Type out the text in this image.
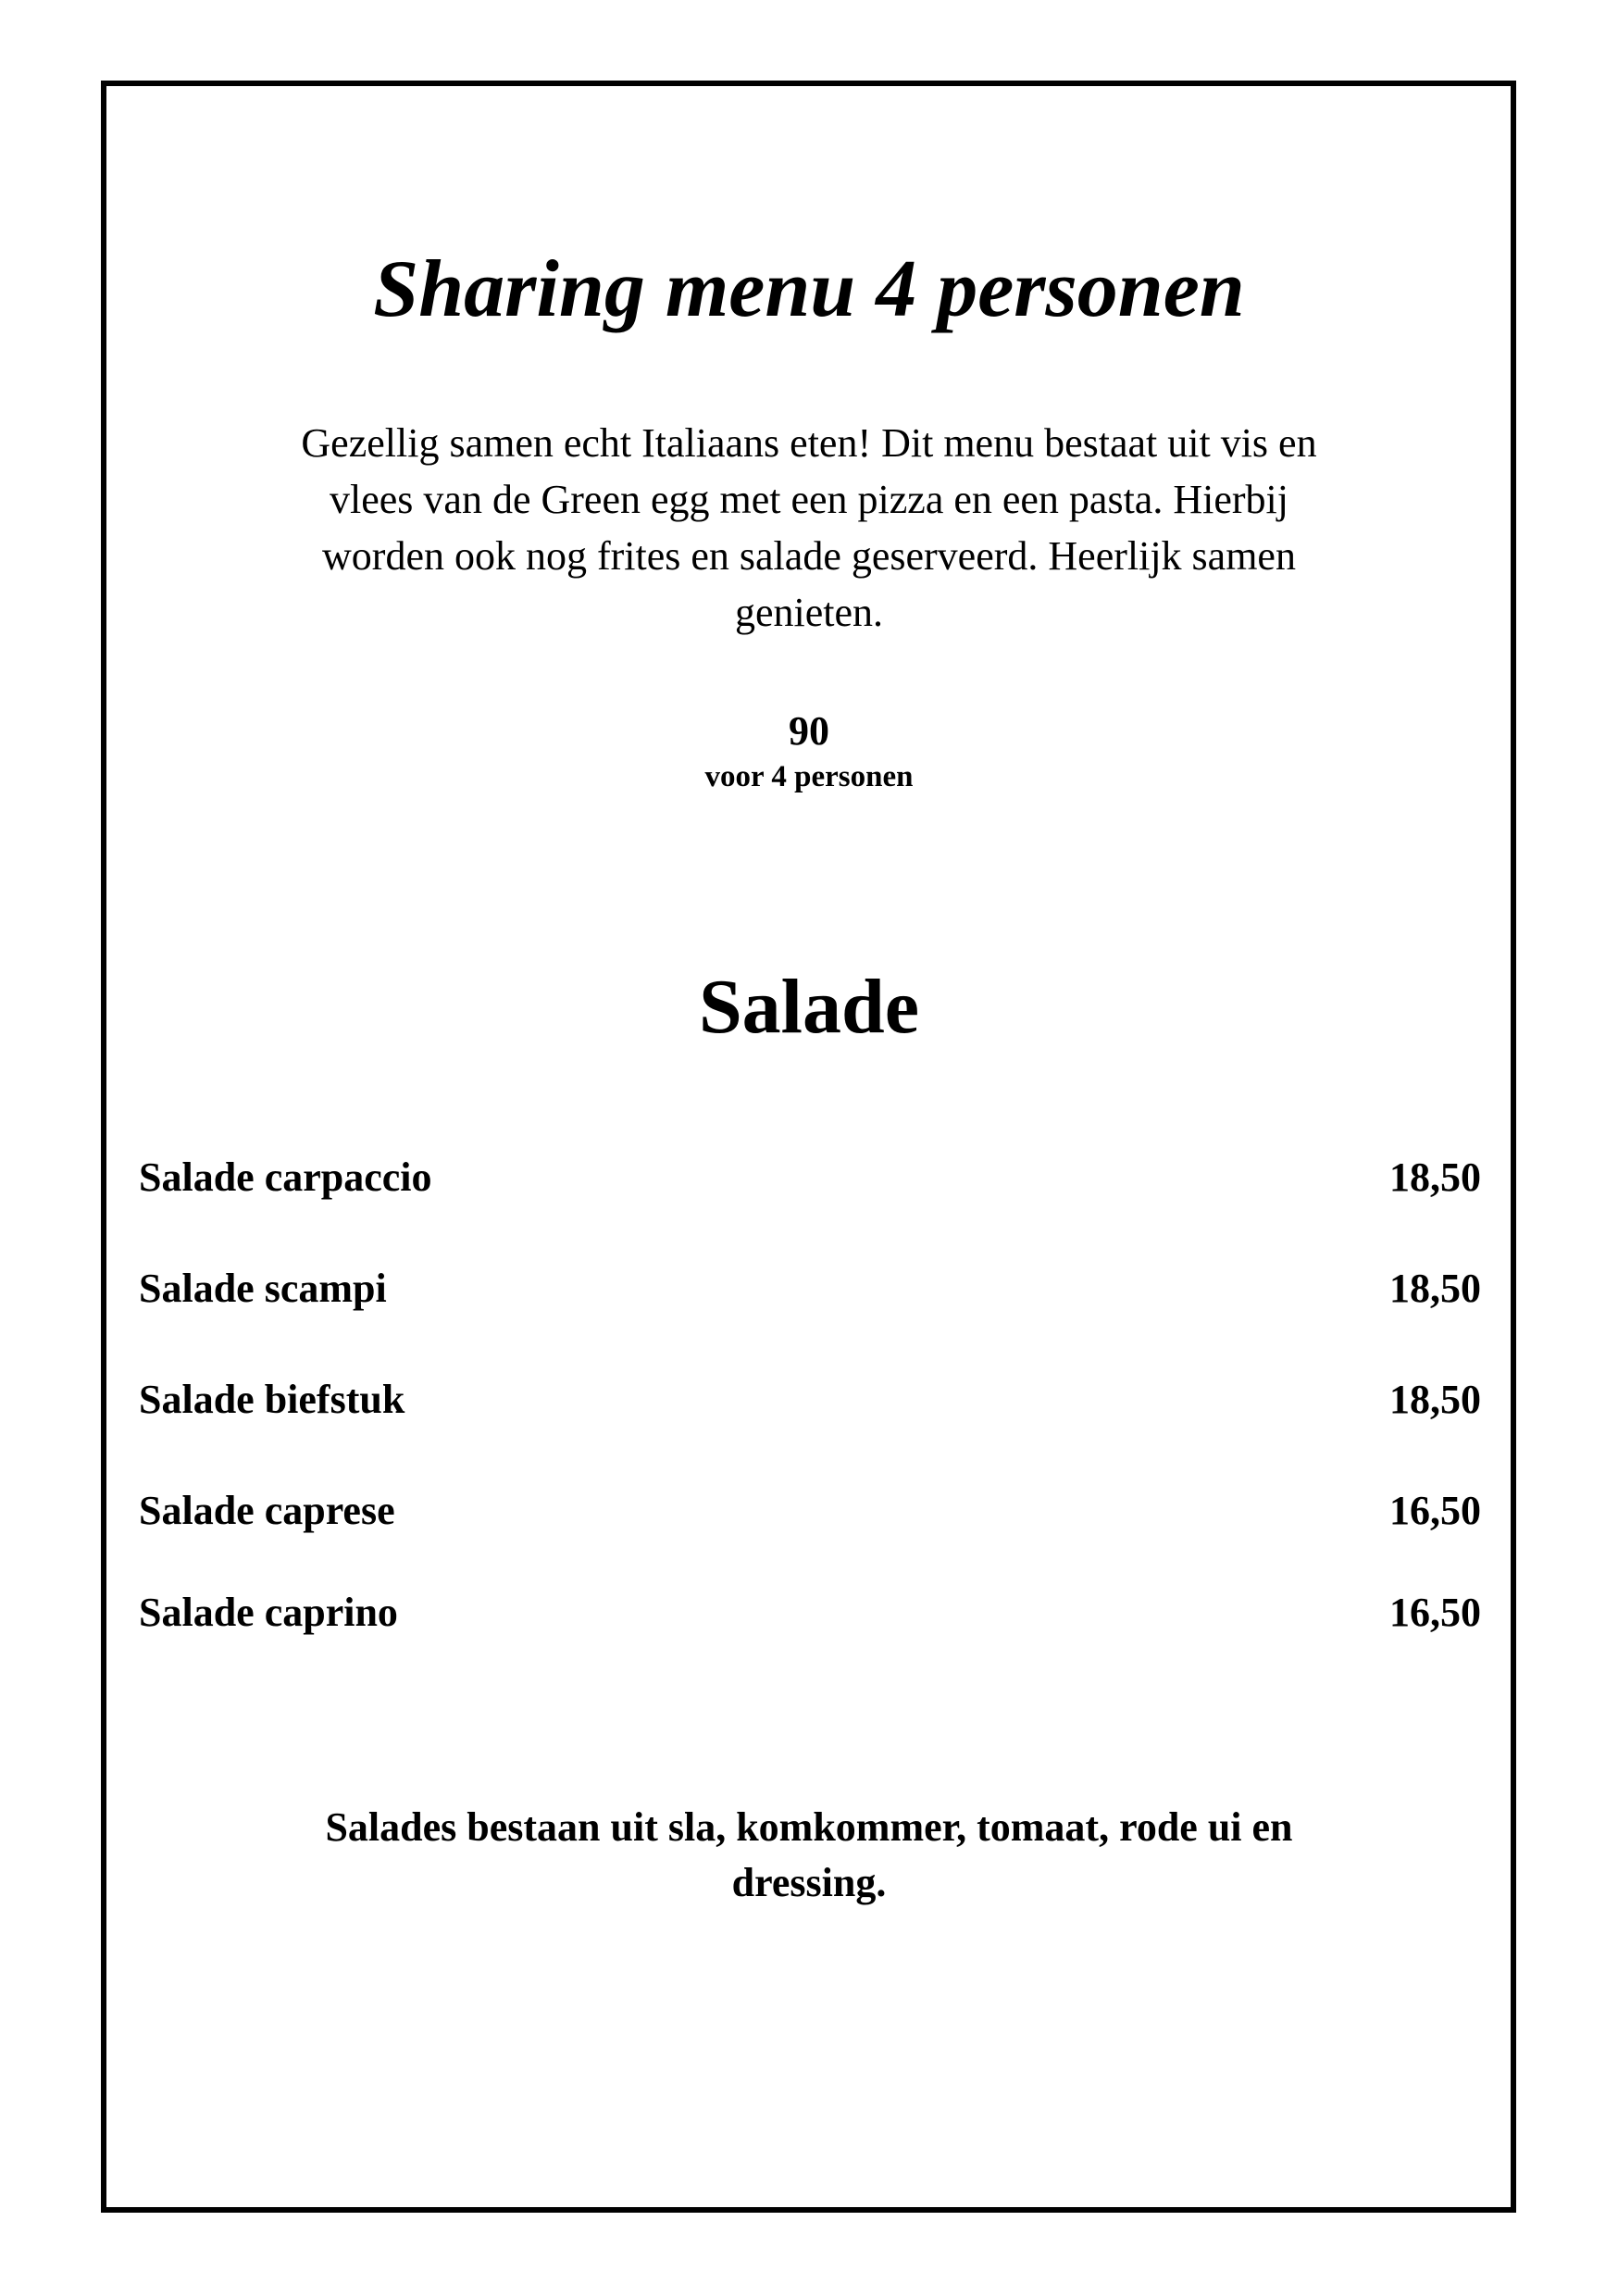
Sharing menu 4 personen

Gezellig samen echt Italiaans eten! Dit menu bestaat uit vis en vlees van de Green egg met een pizza en een pasta. Hierbij worden ook nog frites en salade geserveerd. Heerlijk samen genieten.

90
voor 4 personen
Salade
Salade carpaccio	18,50
Salade scampi	18,50
Salade biefstuk	18,50
Salade caprese	16,50
Salade caprino	16,50

Salades bestaan uit sla, komkommer, tomaat, rode ui en dressing.
